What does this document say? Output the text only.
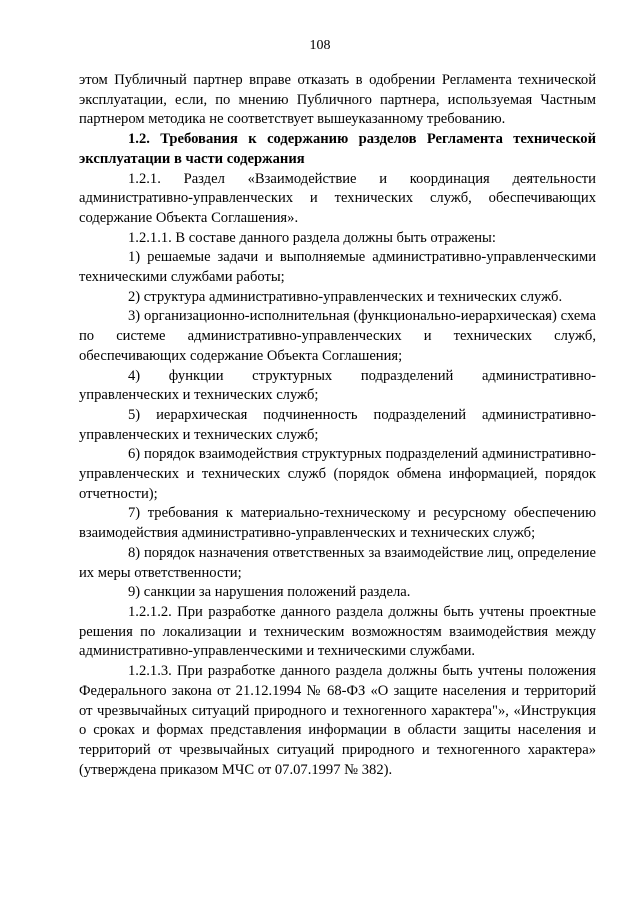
108

этом Публичный партнер вправе отказать в одобрении Регламента технической эксплуатации, если, по мнению Публичного партнера, используемая Частным партнером методика не соответствует вышеуказанному требованию.

1.2. Требования к содержанию разделов Регламента технической эксплуатации в части содержания

1.2.1. Раздел «Взаимодействие и координация деятельности административно-управленческих и технических служб, обеспечивающих содержание Объекта Соглашения».

1.2.1.1. В составе данного раздела должны быть отражены:

1) решаемые задачи и выполняемые административно-управленческими техническими службами работы;

2) структура административно-управленческих и технических служб.

3) организационно-исполнительная (функционально-иерархическая) схема по системе административно-управленческих и технических служб, обеспечивающих содержание Объекта Соглашения;

4) функции структурных подразделений административно-управленческих и технических служб;

5) иерархическая подчиненность подразделений административно-управленческих и технических служб;

6) порядок взаимодействия структурных подразделений административно-управленческих и технических служб (порядок обмена информацией, порядок отчетности);

7) требования к материально-техническому и ресурсному обеспечению взаимодействия административно-управленческих и технических служб;

8) порядок назначения ответственных за взаимодействие лиц, определение их меры ответственности;

9) санкции за нарушения положений раздела.

1.2.1.2. При разработке данного раздела должны быть учтены проектные решения по локализации и техническим возможностям взаимодействия между административно-управленческими и техническими службами.

1.2.1.3. При разработке данного раздела должны быть учтены положения Федерального закона от 21.12.1994 № 68-ФЗ «О защите населения и территорий от чрезвычайных ситуаций природного и техногенного характера"», «Инструкция о сроках и формах представления информации в области защиты населения и территорий от чрезвычайных ситуаций природного и техногенного характера» (утверждена приказом МЧС от 07.07.1997 № 382).
